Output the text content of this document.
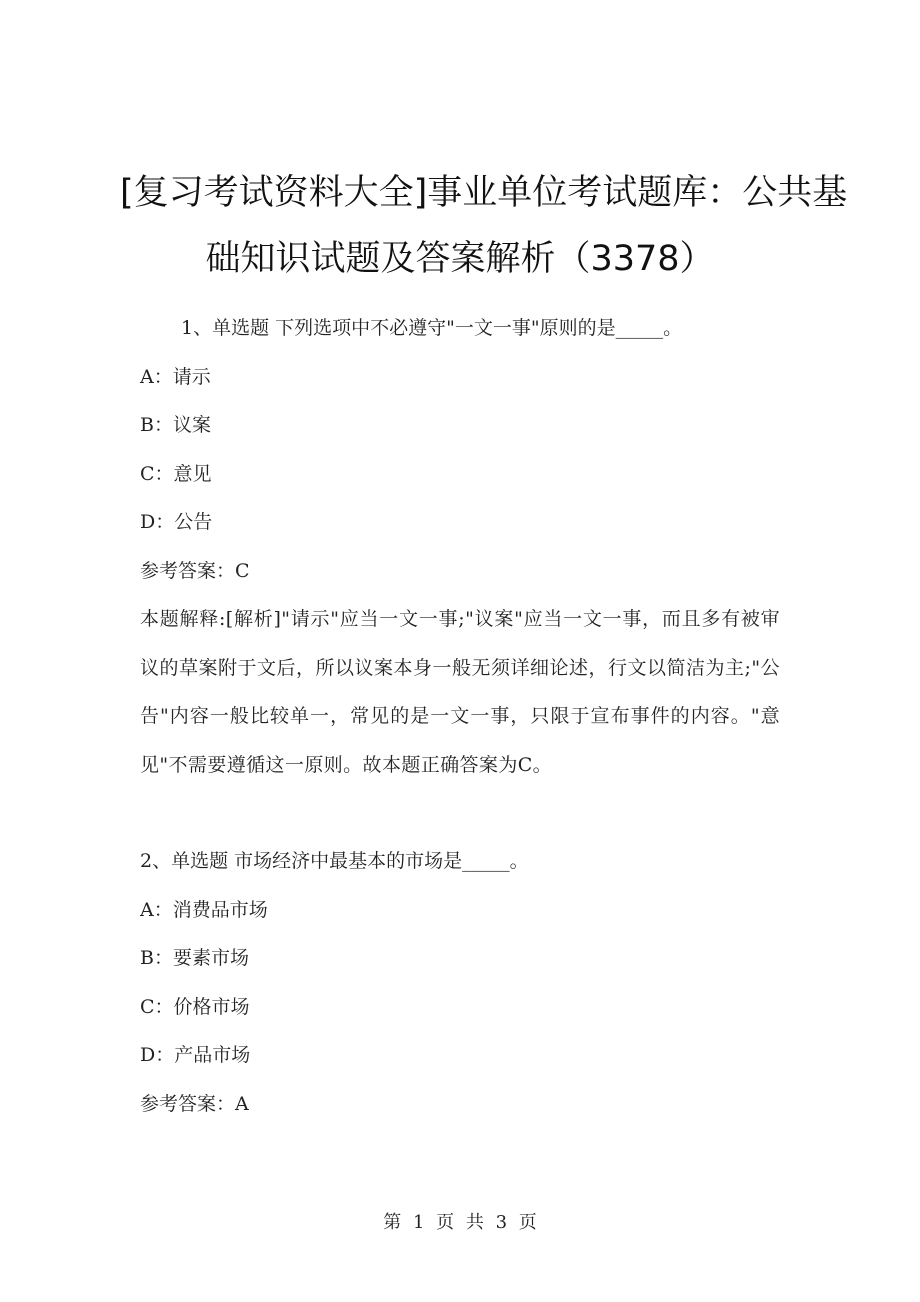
[复习考试资料大全]事业单位考试题库：公共基
础知识试题及答案解析（3378）

1、单选题 下列选项中不必遵守"一文一事"原则的是_____。

A：请示

B：议案

C：意见

D：公告

参考答案：C

本题解释:[解析]"请示"应当一文一事;"议案"应当一文一事，而且多有被审议的草案附于文后，所以议案本身一般无须详细论述，行文以简洁为主;"公告"内容一般比较单一，常见的是一文一事，只限于宣布事件的内容。"意见"不需要遵循这一原则。故本题正确答案为C。

2、单选题 市场经济中最基本的市场是_____。

A：消费品市场

B：要素市场

C：价格市场

D：产品市场

参考答案：A

第 1 页 共 3 页
